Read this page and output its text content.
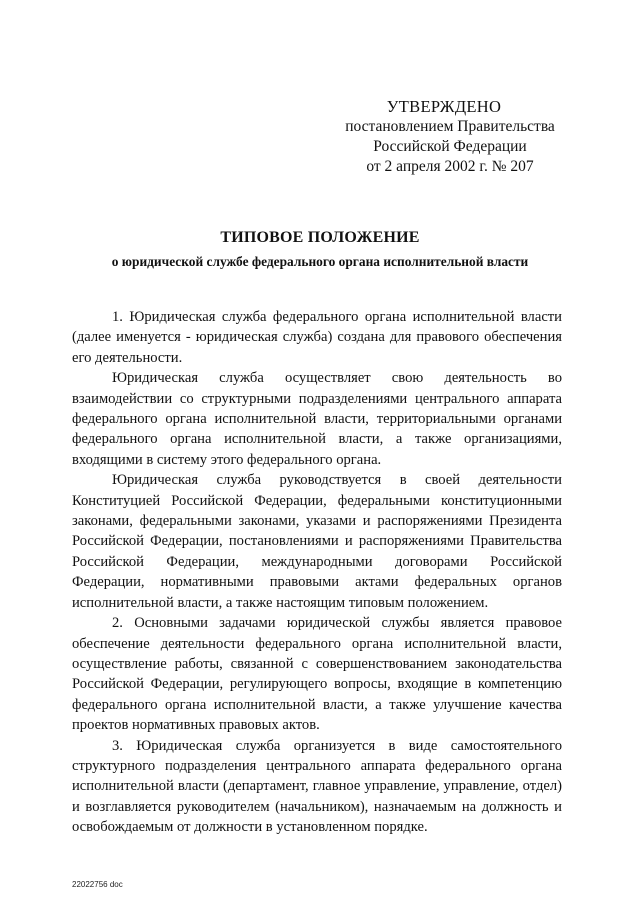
УТВЕРЖДЕНО
постановлением Правительства
Российской Федерации
от 2 апреля 2002 г. № 207
ТИПОВОЕ ПОЛОЖЕНИЕ
о юридической службе федерального органа исполнительной власти

1. Юридическая служба федерального органа исполнительной власти (далее именуется - юридическая служба) создана для правового обеспечения его деятельности.

Юридическая служба осуществляет свою деятельность во взаимодействии со структурными подразделениями центрального аппарата федерального органа исполнительной власти, территориальными органами федерального органа исполнительной власти, а также организациями, входящими в систему этого федерального органа.

Юридическая служба руководствуется в своей деятельности Конституцией Российской Федерации, федеральными конституционными законами, федеральными законами, указами и распоряжениями Президента Российской Федерации, постановлениями и распоряжениями Правительства Российской Федерации, международными договорами Российской Федерации, нормативными правовыми актами федеральных органов исполнительной власти, а также настоящим типовым положением.

2. Основными задачами юридической службы является правовое обеспечение деятельности федерального органа исполнительной власти, осуществление работы, связанной с совершенствованием законодательства Российской Федерации, регулирующего вопросы, входящие в компетенцию федерального органа исполнительной власти, а также улучшение качества проектов нормативных правовых актов.

3. Юридическая служба организуется в виде самостоятельного структурного подразделения центрального аппарата федерального органа исполнительной власти (департамент, главное управление, управление, отдел) и возглавляется руководителем (начальником), назначаемым на должность и освобождаемым от должности в установленном порядке.

22022756 doc
